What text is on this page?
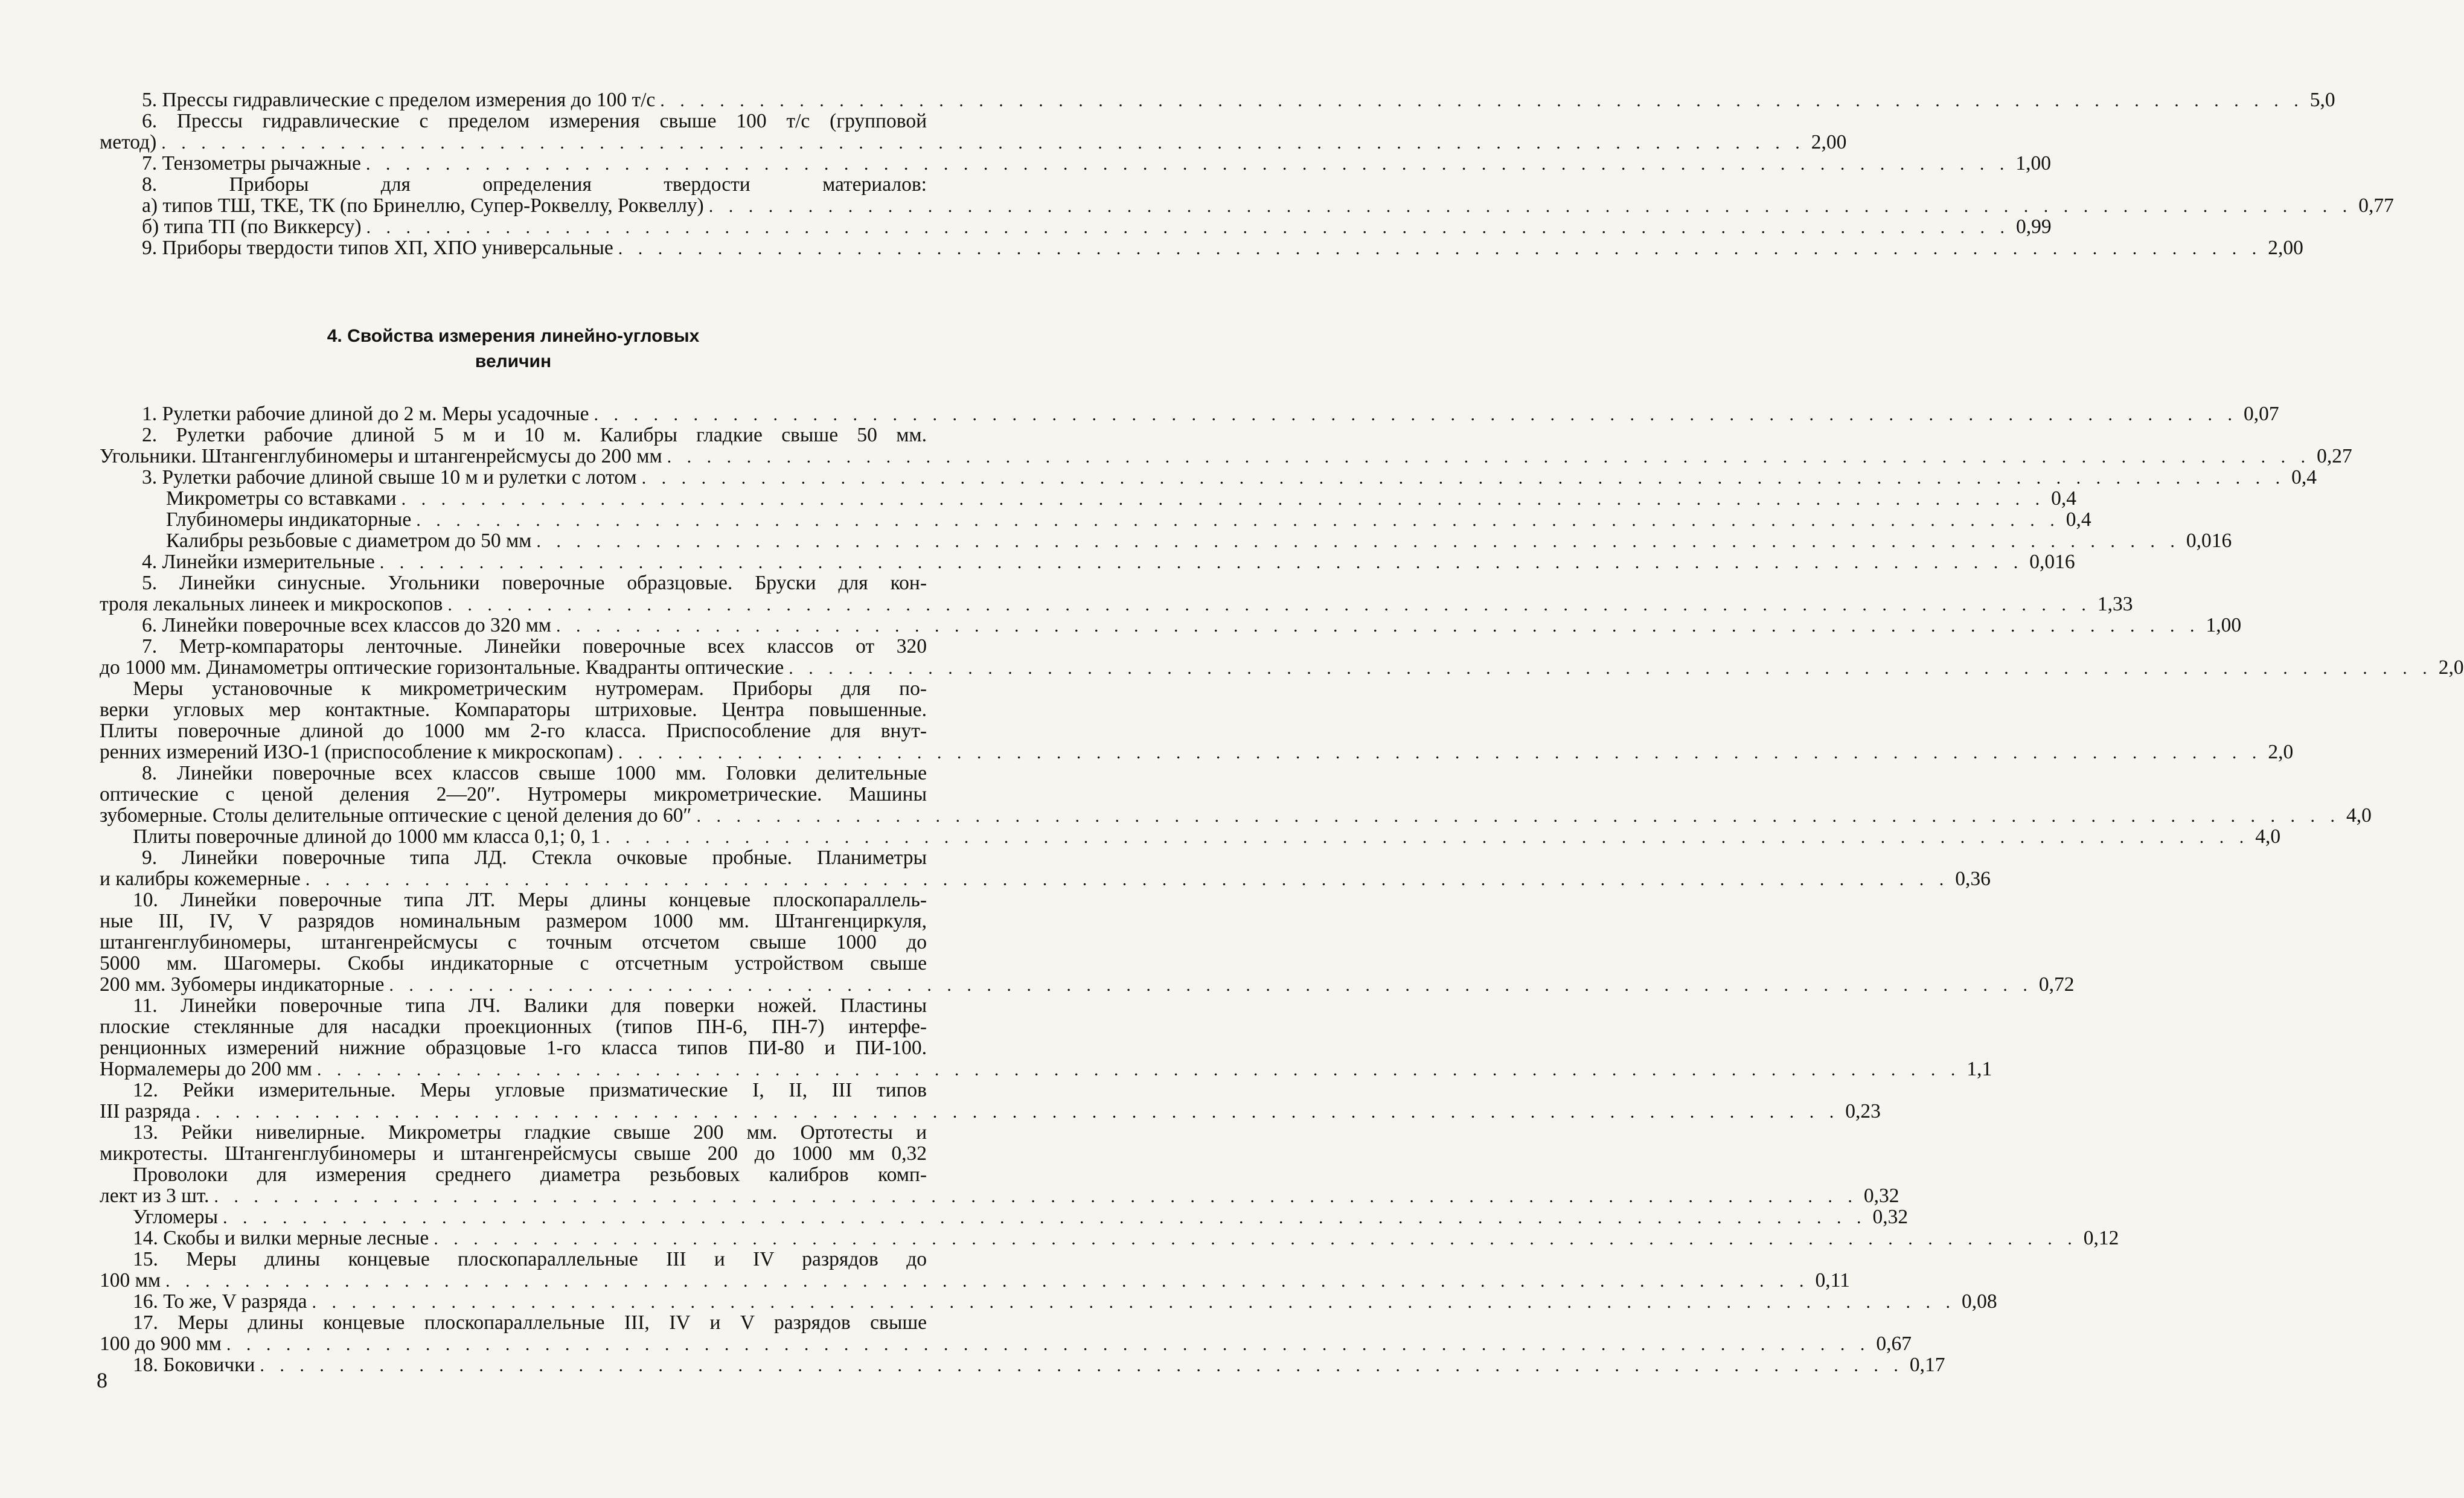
5. Прессы гидравлические с пределом измерения до 100 т/с . . .	5,0
6. Прессы гидравлические с пределом измерения свыше 100 т/с (групповой
метод) . . .	2,00
7. Тензометры рычажные . . .	1,00
8. Приборы для определения твердости материалов:
а) типов ТШ, ТКЕ, ТК (по Бринеллю, Супер-Роквеллу, Роквеллу) . . .	0,77
б) типа ТП (по Виккерсу) . . .	0,99
9. Приборы твердости типов ХП, ХПО универсальные . . .	2,00
4. Свойства измерения линейно-угловых
величин
1. Рулетки рабочие длиной до 2 м. Меры усадочные . . .	0,07
2. Рулетки рабочие длиной 5 м и 10 м. Калибры гладкие свыше 50 мм.
Угольники. Штангенглубиномеры и штангенрейсмусы до 200 мм . . .	0,27
3. Рулетки рабочие длиной свыше 10 м и рулетки с лотом . . .	0,4
Микрометры со вставками . . .	0,4
Глубиномеры индикаторные . . .	0,4
Калибры резьбовые с диаметром до 50 мм . . .	0,016
4. Линейки измерительные . . .	0,016
5. Линейки синусные. Угольники поверочные образцовые. Бруски для кон-
троля лекальных линеек и микроскопов . . .	1,33
6. Линейки поверочные всех классов до 320 мм . . .	1,00
7. Метр-компараторы ленточные. Линейки поверочные всех классов от 320
до 1000 мм. Динамометры оптические горизонтальные. Квадранты оптические . . .	2,0
Меры установочные к микрометрическим нутромерам. Приборы для по-
верки угловых мер контактные. Компараторы штриховые. Центра повышенные.
Плиты поверочные длиной до 1000 мм 2-го класса. Приспособление для внут-
ренних измерений ИЗО-1 (приспособление к микроскопам) . . .	2,0
8. Линейки поверочные всех классов свыше 1000 мм. Головки делительные
оптические с ценой деления 2—20″. Нутромеры микрометрические. Машины
зубомерные. Столы делительные оптические с ценой деления до 60″ . . .	4,0
Плиты поверочные длиной до 1000 мм класса 0,1; 0, 1 . . .	4,0
9. Линейки поверочные типа ЛД. Стекла очковые пробные. Планиметры
и калибры кожемерные . . .	0,36
10. Линейки поверочные типа ЛТ. Меры длины концевые плоскопараллель-
ные III, IV, V разрядов номинальным размером 1000 мм. Штангенциркуля,
штангенглубиномеры, штангенрейсмусы с точным отсчетом свыше 1000 до
5000 мм. Шагомеры. Скобы индикаторные с отсчетным устройством свыше
200 мм. Зубомеры индикаторные . . .	0,72
11. Линейки поверочные типа ЛЧ. Валики для поверки ножей. Пластины
плоские стеклянные для насадки проекционных (типов ПН-6, ПН-7) интерфе-
ренционных измерений нижние образцовые 1-го класса типов ПИ-80 и ПИ-100.
Нормалемеры до 200 мм . . .	1,1
12. Рейки измерительные. Меры угловые призматические I, II, III типов
III разряда . . .	0,23
13. Рейки нивелирные. Микрометры гладкие свыше 200 мм. Ортотесты и
микротесты. Штангенглубиномеры и штангенрейсмусы свыше 200 до 1000 мм 0,32
Проволоки для измерения среднего диаметра резьбовых калибров комп-
лект из 3 шт. . . .	0,32
Угломеры . . .	0,32
14. Скобы и вилки мерные лесные . . .	0,12
15. Меры длины концевые плоскопараллельные III и IV разрядов до
100 мм . . .	0,11
16. То же, V разряда . . .	0,08
17. Меры длины концевые плоскопараллельные III, IV и V разрядов свыше
100 до 900 мм . . .	0,67
18. Боковички . . .	0,17
8
